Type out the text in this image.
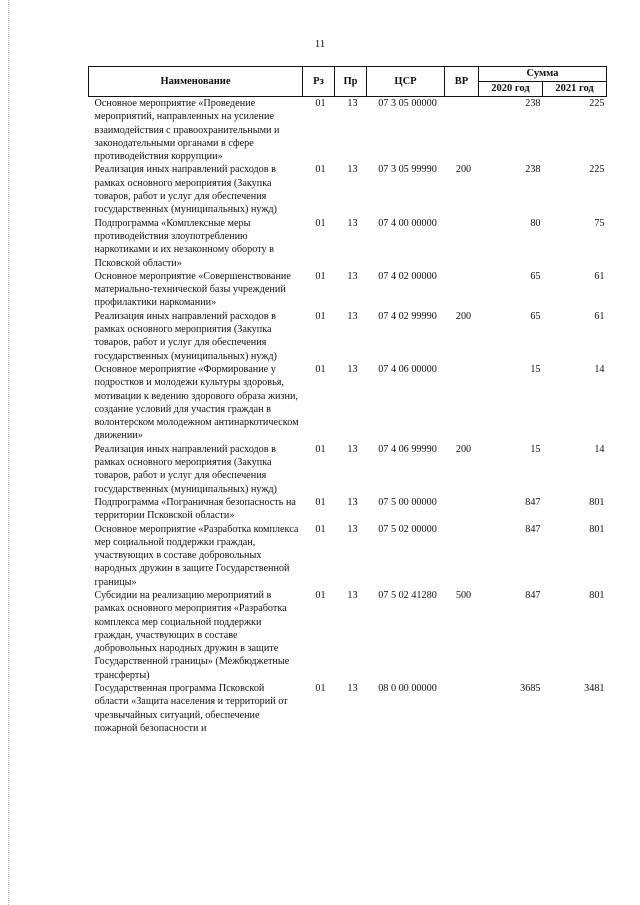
11
Наименование	Рз	Пр	ЦСР	ВР	Сумма	
					2020 год	2021 год
Основное мероприятие «Проведение мероприятий, направленных на усиление взаимодействия с правоохранительными и законодательными органами в сфере противодействия коррупции»	01	13	07 3 05 00000		238	225
Реализация иных направлений расходов в рамках основного мероприятия (Закупка товаров, работ и услуг для обеспечения государственных (муниципальных) нужд)	01	13	07 3 05 99990	200	238	225
Подпрограмма «Комплексные меры противодействия злоупотреблению наркотиками и их незаконному обороту в Псковской области»	01	13	07 4 00 00000		80	75
Основное мероприятие «Совершенствование материально-технической базы учреждений профилактики наркомании»	01	13	07 4 02 00000		65	61
Реализация иных направлений расходов в рамках основного мероприятия (Закупка товаров, работ и услуг для обеспечения государственных (муниципальных) нужд)	01	13	07 4 02 99990	200	65	61
Основное мероприятие «Формирование у подростков и молодежи культуры здоровья, мотивации к ведению здорового образа жизни, создание условий для участия граждан в волонтерском молодежном антинаркотическом движении»	01	13	07 4 06 00000		15	14
Реализация иных направлений расходов в рамках основного мероприятия (Закупка товаров, работ и услуг для обеспечения государственных (муниципальных) нужд)	01	13	07 4 06 99990	200	15	14
Подпрограмма «Пограничная безопасность на территории Псковской области»	01	13	07 5 00 00000		847	801
Основное мероприятие «Разработка комплекса мер социальной поддержки граждан, участвующих в составе добровольных народных дружин в защите Государственной границы»	01	13	07 5 02 00000		847	801
Субсидии на реализацию мероприятий в рамках основного мероприятия «Разработка комплекса мер социальной поддержки граждан, участвующих в составе добровольных народных дружин в защите Государственной границы» (Межбюджетные трансферты)	01	13	07 5 02 41280	500	847	801
Государственная программа Псковской области «Защита населения и территорий от чрезвычайных ситуаций, обеспечение пожарной безопасности и	01	13	08 0 00 00000		3685	3481
